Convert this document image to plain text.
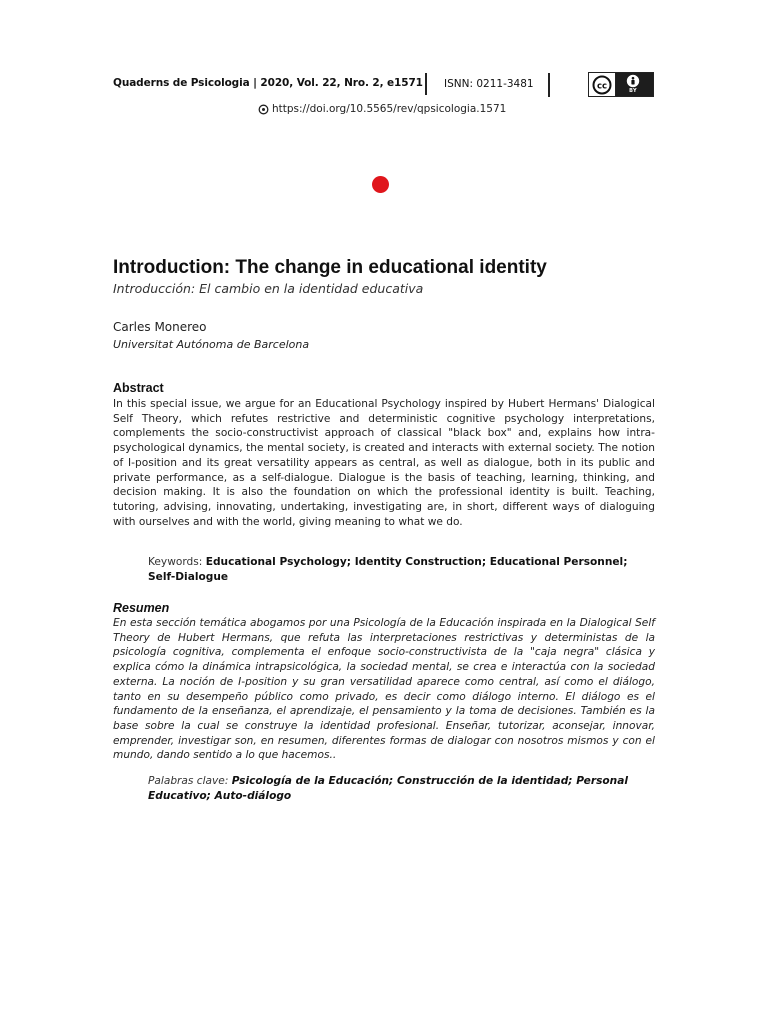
Quaderns de Psicologia | 2020, Vol. 22, Nro. 2, e1571 ISNN: 0211-3481	cc	BY
https://doi.org/10.5565/rev/qpsicologia.1571
Introduction: The change in educational identity
Introducción: El cambio en la identidad educativa
Carles Monereo
Universitat Autónoma de Barcelona
Abstract

In this special issue, we argue for an Educational Psychology inspired by Hubert Hermans' Dialogical Self Theory, which refutes restrictive and deterministic cognitive psychology interpretations, complements the socio-constructivist approach of classical "black box" and, explains how intra-psychological dynamics, the mental society, is created and interacts with external society. The notion of I-position and its great versatility appears as central, as well as dialogue, both in its public and private performance, as a self-dialogue. Dialogue is the basis of teaching, learning, thinking, and decision making. It is also the foundation on which the professional identity is built. Teaching, tutoring, advising, innovating, undertaking, investigating are, in short, different ways of dialoguing with ourselves and with the world, giving meaning to what we do.

Keywords: Educational Psychology; Identity Construction; Educational Personnel; Self-Dialogue
Resumen

En esta sección temática abogamos por una Psicología de la Educación inspirada en la Dialogical Self Theory de Hubert Hermans, que refuta las interpretaciones restrictivas y deterministas de la psicología cognitiva, complementa el enfoque socio-constructivista de la "caja negra" clásica y explica cómo la dinámica intrapsicológica, la sociedad mental, se crea e interactúa con la sociedad externa. La noción de I-position y su gran versatilidad aparece como central, así como el diálogo, tanto en su desempeño público como privado, es decir como diálogo interno. El diálogo es el fundamento de la enseñanza, el aprendizaje, el pensamiento y la toma de decisiones. También es la base sobre la cual se construye la identidad profesional. Enseñar, tutorizar, aconsejar, innovar, emprender, investigar son, en resumen, diferentes formas de dialogar con nosotros mismos y con el mundo, dando sentido a lo que hacemos..

Palabras clave: Psicología de la Educación; Construcción de la identidad; Personal Educativo; Auto-diálogo
